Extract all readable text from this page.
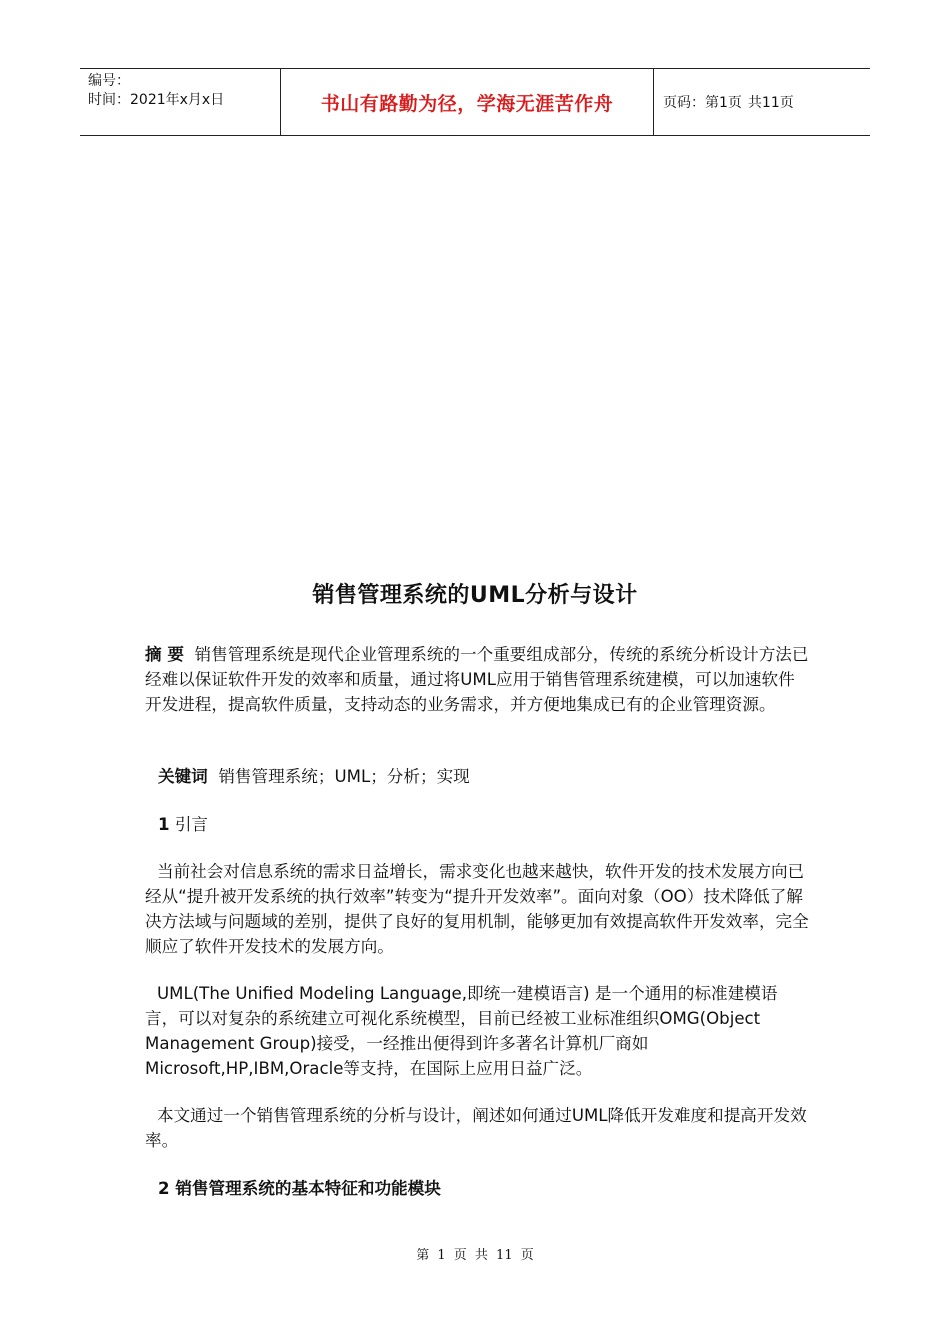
编号：
时间：2021年x月x日	书山有路勤为径，学海无涯苦作舟	页码：第1页 共11页
销售管理系统的UML分析与设计

摘 要 销售管理系统是现代企业管理系统的一个重要组成部分，传统的系统分析设计方法已经难以保证软件开发的效率和质量，通过将UML应用于销售管理系统建模，可以加速软件开发进程，提高软件质量，支持动态的业务需求，并方便地集成已有的企业管理资源。

关键词 销售管理系统；UML；分析；实现
1 引言

当前社会对信息系统的需求日益增长，需求变化也越来越快，软件开发的技术发展方向已经从“提升被开发系统的执行效率”转变为“提升开发效率”。面向对象（OO）技术降低了解决方法域与问题域的差别，提供了良好的复用机制，能够更加有效提高软件开发效率，完全顺应了软件开发技术的发展方向。

UML(The Unified Modeling Language,即统一建模语言) 是一个通用的标准建模语言，可以对复杂的系统建立可视化系统模型，目前已经被工业标准组织OMG(Object Management Group)接受，一经推出便得到许多著名计算机厂商如Microsoft,HP,IBM,Oracle等支持，在国际上应用日益广泛。

本文通过一个销售管理系统的分析与设计，阐述如何通过UML降低开发难度和提高开发效率。

2 销售管理系统的基本特征和功能模块
第 1 页 共 11 页
